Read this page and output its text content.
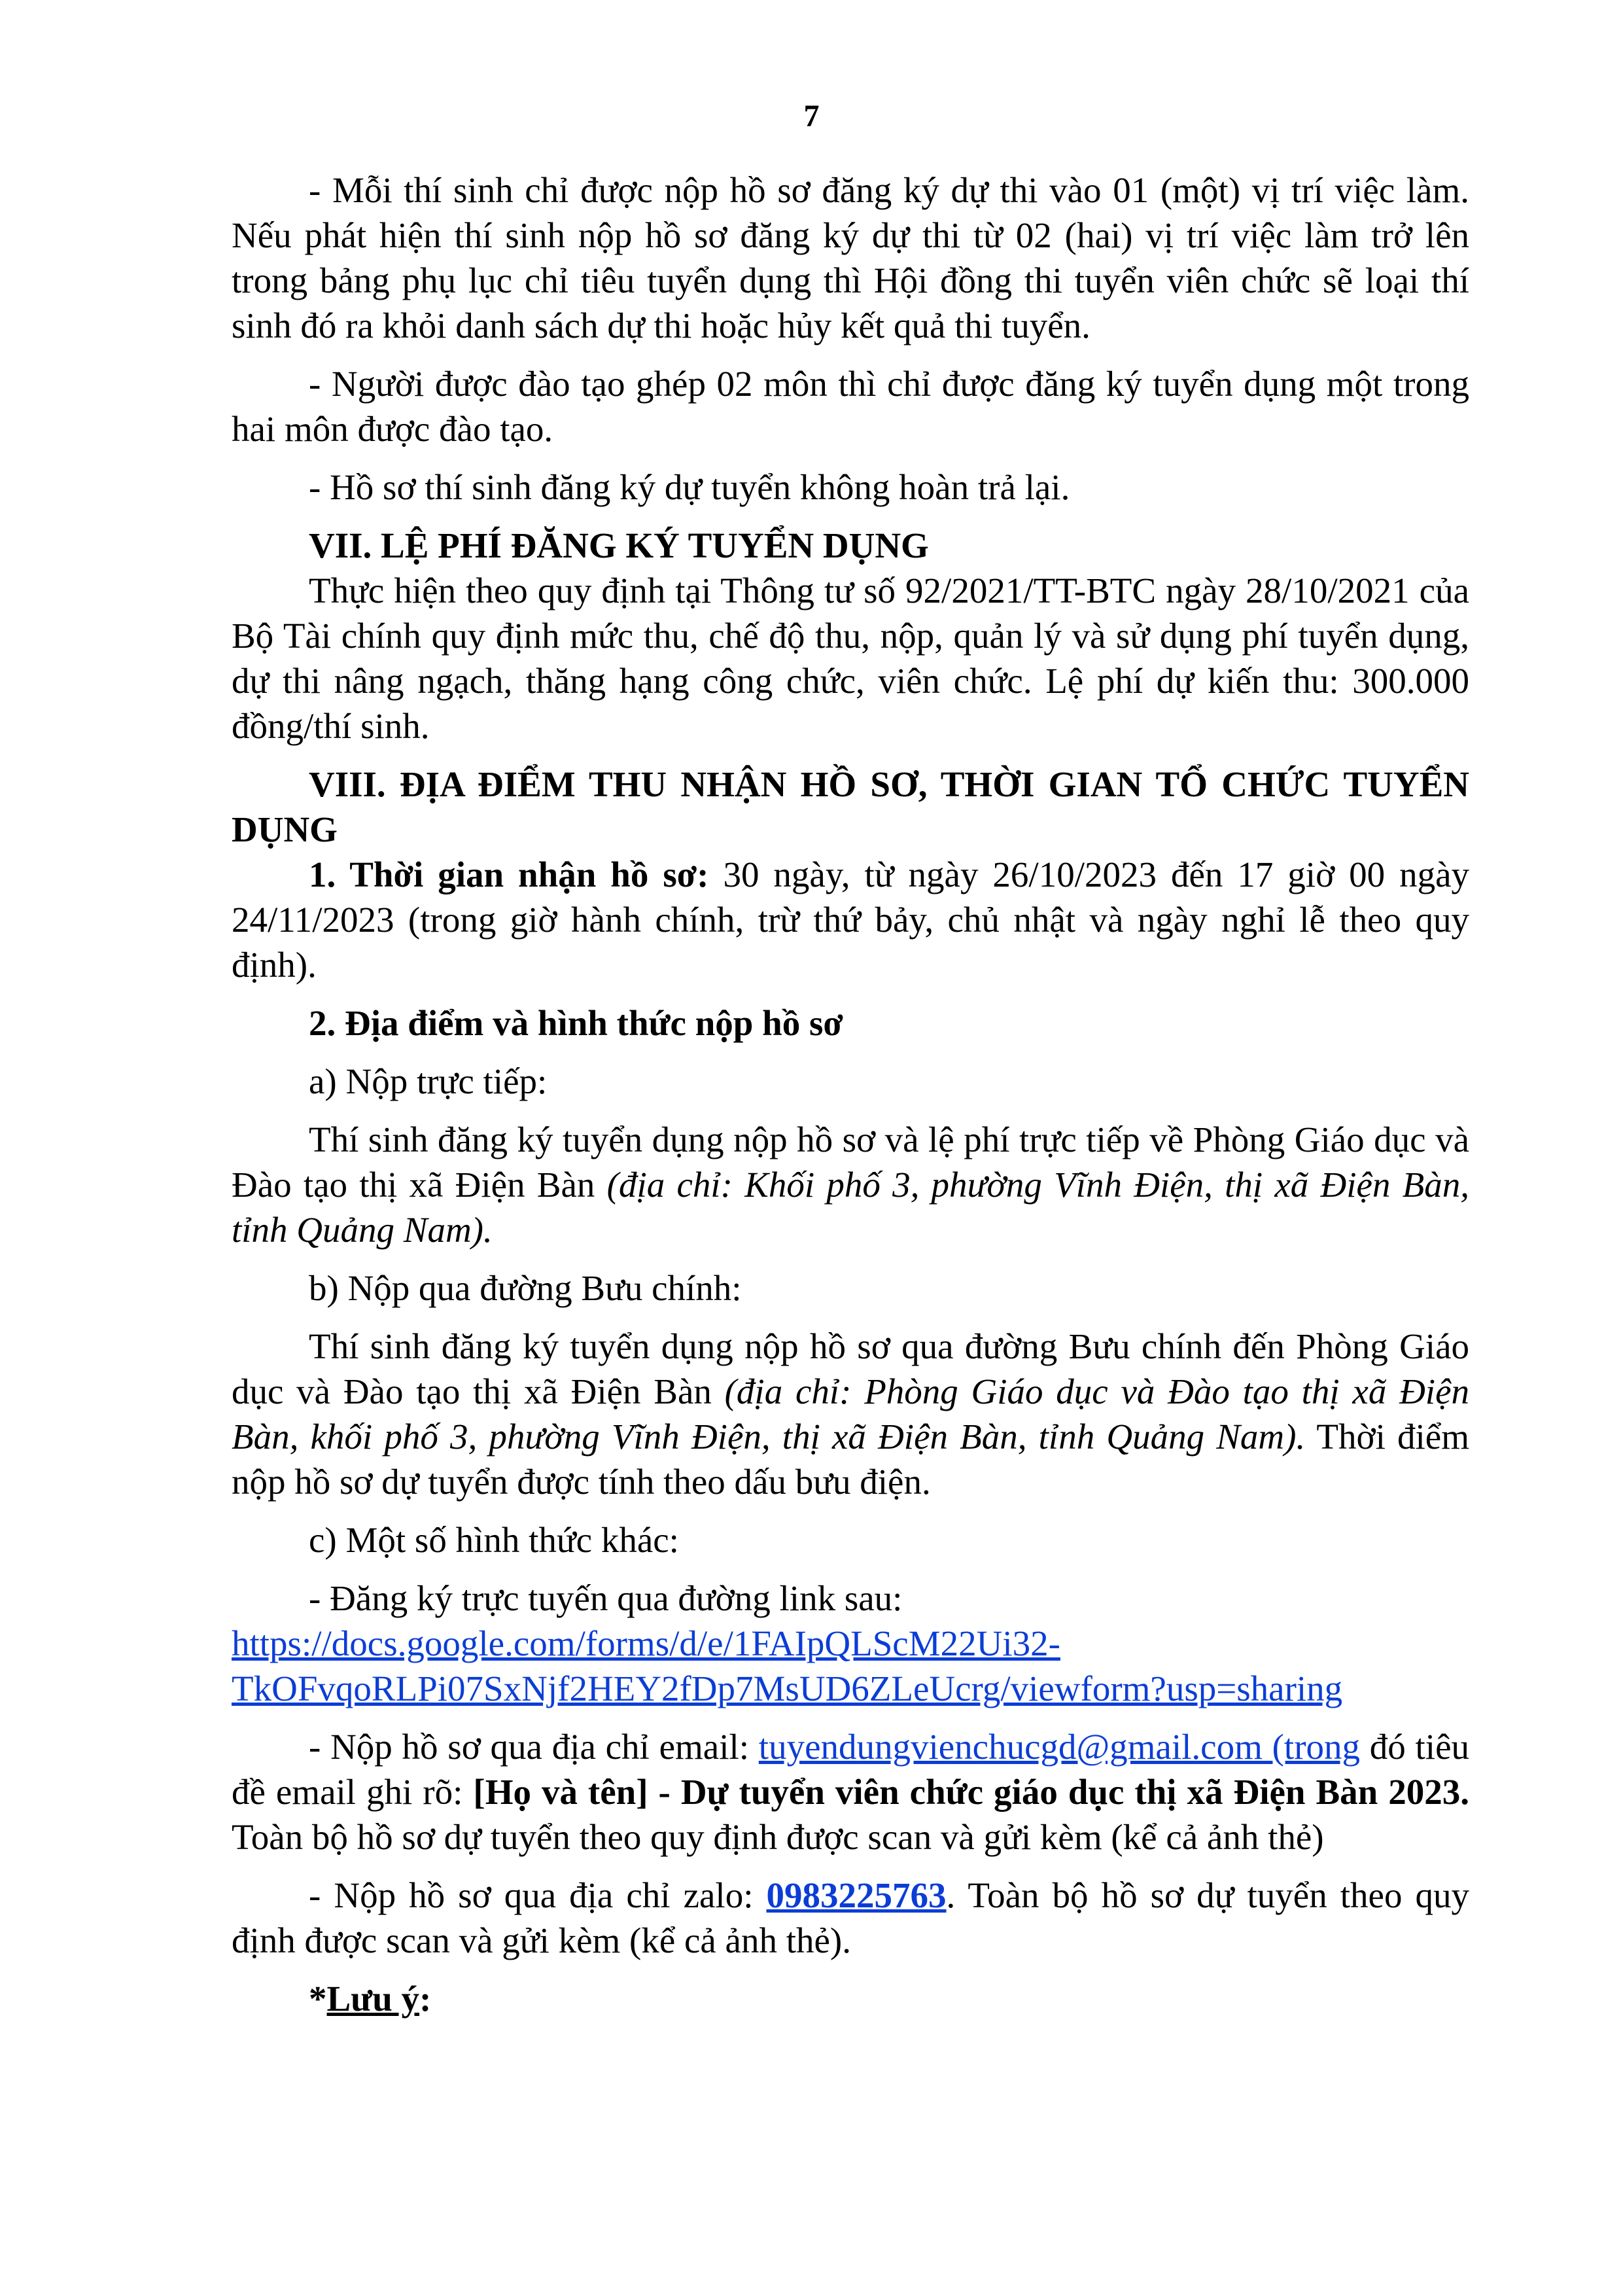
7

- Mỗi thí sinh chỉ được nộp hồ sơ đăng ký dự thi vào 01 (một) vị trí việc làm. Nếu phát hiện thí sinh nộp hồ sơ đăng ký dự thi từ 02 (hai) vị trí việc làm trở lên trong bảng phụ lục chỉ tiêu tuyển dụng thì Hội đồng thi tuyển viên chức sẽ loại thí sinh đó ra khỏi danh sách dự thi hoặc hủy kết quả thi tuyển.

- Người được đào tạo ghép 02 môn thì chỉ được đăng ký tuyển dụng một trong hai môn được đào tạo.

- Hồ sơ thí sinh đăng ký dự tuyển không hoàn trả lại.

VII. LỆ PHÍ ĐĂNG KÝ TUYỂN DỤNG

Thực hiện theo quy định tại Thông tư số 92/2021/TT-BTC ngày 28/10/2021 của Bộ Tài chính quy định mức thu, chế độ thu, nộp, quản lý và sử dụng phí tuyển dụng, dự thi nâng ngạch, thăng hạng công chức, viên chức. Lệ phí dự kiến thu: 300.000 đồng/thí sinh.

VIII. ĐỊA ĐIỂM THU NHẬN HỒ SƠ, THỜI GIAN TỔ CHỨC TUYỂN DỤNG

1. Thời gian nhận hồ sơ: 30 ngày, từ ngày 26/10/2023 đến 17 giờ 00 ngày 24/11/2023 (trong giờ hành chính, trừ thứ bảy, chủ nhật và ngày nghỉ lễ theo quy định).

2. Địa điểm và hình thức nộp hồ sơ

a) Nộp trực tiếp:

Thí sinh đăng ký tuyển dụng nộp hồ sơ và lệ phí trực tiếp về Phòng Giáo dục và Đào tạo thị xã Điện Bàn (địa chỉ: Khối phố 3, phường Vĩnh Điện, thị xã Điện Bàn, tỉnh Quảng Nam).

b) Nộp qua đường Bưu chính:

Thí sinh đăng ký tuyển dụng nộp hồ sơ qua đường Bưu chính đến Phòng Giáo dục và Đào tạo thị xã Điện Bàn (địa chỉ: Phòng Giáo dục và Đào tạo thị xã Điện Bàn, khối phố 3, phường Vĩnh Điện, thị xã Điện Bàn, tỉnh Quảng Nam). Thời điểm nộp hồ sơ dự tuyển được tính theo dấu bưu điện.

c) Một số hình thức khác:

- Đăng ký trực tuyến qua đường link sau:

https://docs.google.com/forms/d/e/1FAIpQLScM22Ui32-
TkOFvqoRLPi07SxNjf2HEY2fDp7MsUD6ZLeUcrg/viewform?usp=sharing

- Nộp hồ sơ qua địa chỉ email: tuyendungvienchucgd@gmail.com (trong đó tiêu đề email ghi rõ: [Họ và tên] - Dự tuyển viên chức giáo dục thị xã Điện Bàn 2023. Toàn bộ hồ sơ dự tuyển theo quy định được scan và gửi kèm (kể cả ảnh thẻ)

- Nộp hồ sơ qua địa chỉ zalo: 0983225763. Toàn bộ hồ sơ dự tuyển theo quy định được scan và gửi kèm (kể cả ảnh thẻ).

*Lưu ý:
